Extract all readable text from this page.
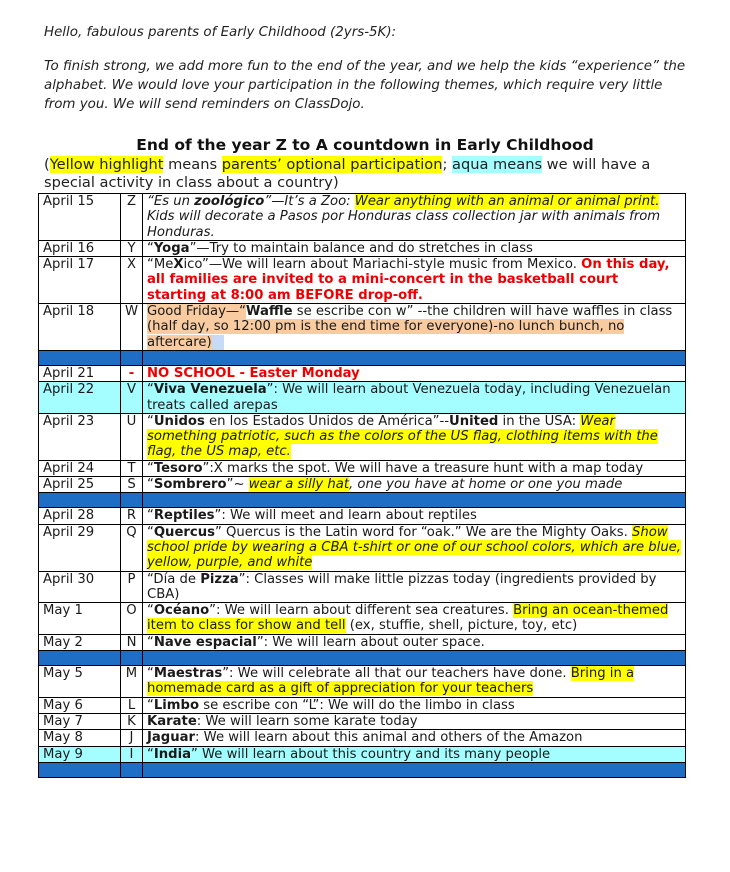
Hello, fabulous parents of Early Childhood (2yrs-5K):
To finish strong, we add more fun to the end of the year, and we help the kids “experience” the alphabet. We would love your participation in the following themes, which require very little from you. We will send reminders on ClassDojo.
End of the year Z to A countdown in Early Childhood
(Yellow highlight means parents’ optional participation; aqua means we will have a special activity in class about a country)
April 15	Z	“Es un zoológico”—It’s a Zoo: Wear anything with an animal or animal print. Kids will decorate a Pasos por Honduras class collection jar with animals from Honduras.
April 16	Y	“Yoga”—Try to maintain balance and do stretches in class
April 17	X	“MeXico”—We will learn about Mariachi-style music from Mexico. On this day, all families are invited to a mini-concert in the basketball court starting at 8:00 am BEFORE drop-off.
April 18	W	Good Friday—“Waffle se escribe con w” --the children will have waffles in class (half day, so 12:00 pm is the end time for everyone)-no lunch bunch, no aftercare)

April 21	-	NO SCHOOL - Easter Monday
April 22	V	“Viva Venezuela”: We will learn about Venezuela today, including Venezuelan treats called arepas
April 23	U	“Unidos en los Estados Unidos de América”--United in the USA: Wear something patriotic, such as the colors of the US flag, clothing items with the flag, the US map, etc.
April 24	T	“Tesoro”:X marks the spot. We will have a treasure hunt with a map today
April 25	S	“Sombrero”~ wear a silly hat, one you have at home or one you made

April 28	R	“Reptiles”: We will meet and learn about reptiles
April 29	Q	“Quercus” Quercus is the Latin word for “oak.” We are the Mighty Oaks. Show school pride by wearing a CBA t-shirt or one of our school colors, which are blue, yellow, purple, and white
April 30	P	“Día de Pizza”: Classes will make little pizzas today (ingredients provided by CBA)
May 1	O	“Océano”: We will learn about different sea creatures. Bring an ocean-themed item to class for show and tell (ex, stuffie, shell, picture, toy, etc)
May 2	N	“Nave espacial”: We will learn about outer space.

May 5	M	“Maestras”: We will celebrate all that our teachers have done. Bring in a homemade card as a gift of appreciation for your teachers
May 6	L	“Limbo se escribe con “L”: We will do the limbo in class
May 7	K	Karate: We will learn some karate today
May 8	J	Jaguar: We will learn about this animal and others of the Amazon
May 9	I	“India” We will learn about this country and its many people
